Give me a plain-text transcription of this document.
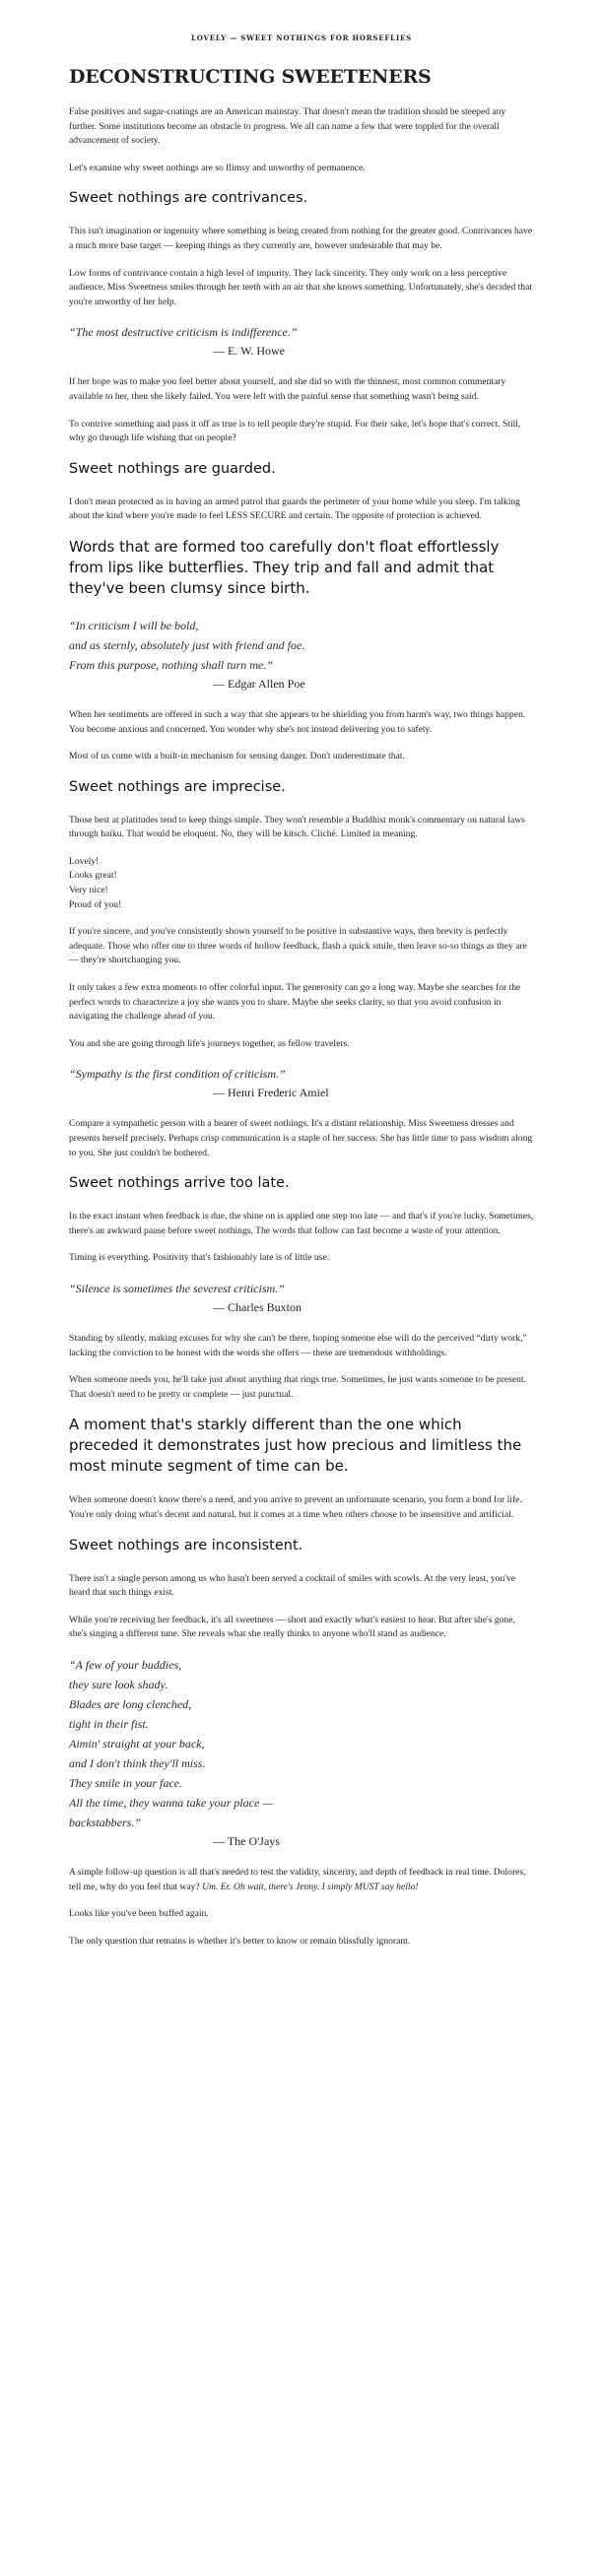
LOVELY — SWEET NOTHINGS FOR HORSEFLIES
DECONSTRUCTING SWEETENERS

False positives and sugar-coatings are an American mainstay. That doesn't mean the tradition should be steeped any further. Some institutions become an obstacle to progress. We all can name a few that were toppled for the overall advancement of society.

Let's examine why sweet nothings are so flimsy and unworthy of permanence.

Sweet nothings are contrivances.

This isn't imagination or ingenuity where something is being created from nothing for the greater good. Contrivances have a much more base target — keeping things as they currently are, however undesirable that may be.

Low forms of contrivance contain a high level of impurity. They lack sincerity. They only work on a less perceptive audience. Miss Sweetness smiles through her teeth with an air that she knows something. Unfortunately, she's decided that you're unworthy of her help.

“The most destructive criticism is indifference.”
— E. W. Howe

If her hope was to make you feel better about yourself, and she did so with the thinnest, most common commentary available to her, then she likely failed. You were left with the painful sense that something wasn't being said.

To contrive something and pass it off as true is to tell people they're stupid. For their sake, let's hope that's correct. Still, why go through life wishing that on people?

Sweet nothings are guarded.

I don't mean protected as in having an armed patrol that guards the perimeter of your home while you sleep. I'm talking about the kind where you're made to feel LESS SECURE and certain. The opposite of protection is achieved.

Words that are formed too carefully don't float effortlessly from lips like butterflies. They trip and fall and admit that they've been clumsy since birth.
“In criticism I will be bold,
and as sternly, absolutely just with friend and foe.
From this purpose, nothing shall turn me.”
— Edgar Allen Poe

When her sentiments are offered in such a way that she appears to be shielding you from harm's way, two things happen. You become anxious and concerned. You wonder why she's not instead delivering you to safety.

Most of us come with a built-in mechanism for sensing danger. Don't underestimate that.

Sweet nothings are imprecise.

Those best at platitudes tend to keep things simple. They won't resemble a Buddhist monk's commentary on natural laws through haiku. That would be eloquent. No, they will be kitsch. Cliché. Limited in meaning.

Lovely!

Looks great!

Very nice!

Proud of you!

If you're sincere, and you've consistently shown yourself to be positive in substantive ways, then brevity is perfectly adequate. Those who offer one to three words of hollow feedback, flash a quick smile, then leave so-so things as they are — they're shortchanging you.

It only takes a few extra moments to offer colorful input. The generosity can go a long way. Maybe she searches for the perfect words to characterize a joy she wants you to share. Maybe she seeks clarity, so that you avoid confusion in navigating the challenge ahead of you.

You and she are going through life's journeys together, as fellow travelers.

“Sympathy is the first condition of criticism.”
— Henri Frederic Amiel

Compare a sympathetic person with a bearer of sweet nothings. It's a distant relationship. Miss Sweetness dresses and presents herself precisely. Perhaps crisp communication is a staple of her success. She has little time to pass wisdom along to you. She just couldn't be bothered.

Sweet nothings arrive too late.

In the exact instant when feedback is due, the shine on is applied one step too late — and that's if you're lucky. Sometimes, there's an awkward pause before sweet nothings. The words that follow can fast become a waste of your attention.

Timing is everything. Positivity that's fashionably late is of little use.

“Silence is sometimes the severest criticism.”
— Charles Buxton

Standing by silently, making excuses for why she can't be there, hoping someone else will do the perceived “dirty work,” lacking the conviction to be honest with the words she offers — these are tremendous withholdings.

When someone needs you, he'll take just about anything that rings true. Sometimes, he just wants someone to be present. That doesn't need to be pretty or complete — just punctual.

A moment that's starkly different than the one which preceded it demonstrates just how precious and limitless the most minute segment of time can be.

When someone doesn't know there's a need, and you arrive to prevent an unfortunate scenario, you form a bond for life. You're only doing what's decent and natural, but it comes at a time when others choose to be insensitive and artificial.

Sweet nothings are inconsistent.

There isn't a single person among us who hasn't been served a cocktail of smiles with scowls. At the very least, you've heard that such things exist.

While you're receiving her feedback, it's all sweetness — short and exactly what's easiest to hear. But after she's gone, she's singing a different tune. She reveals what she really thinks to anyone who'll stand as audience.

“A few of your buddies,
they sure look shady.
Blades are long clenched,
tight in their fist.
Aimin' straight at your back,
and I don't think they'll miss.
They smile in your face.
All the time, they wanna take your place —
backstabbers.”
— The O'Jays

A simple follow-up question is all that's needed to test the validity, sincerity, and depth of feedback in real time. Dolores, tell me, why do you feel that way? Um. Er. Oh wait, there's Jenny. I simply MUST say hello!

Looks like you've been buffed again.

The only question that remains is whether it's better to know or remain blissfully ignorant.
